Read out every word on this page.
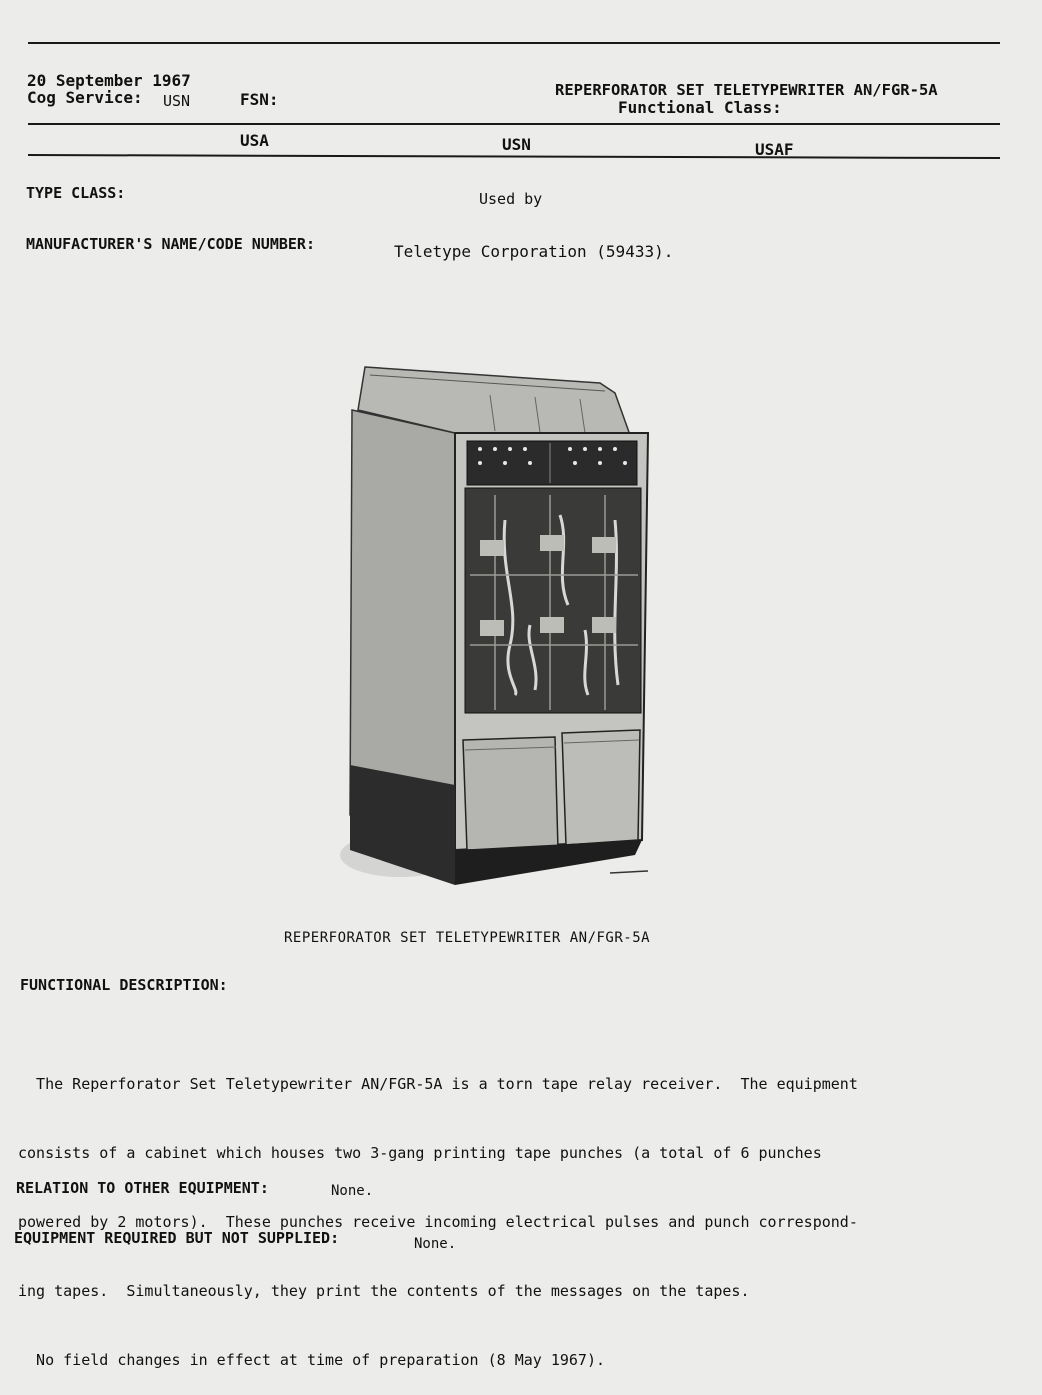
20 September 1967
Cog Service: USN	FSN:	REPERFORATOR SET TELETYPEWRITER AN/FGR-5A
Functional Class:
USA	USN	USAF
TYPE CLASS:	Used by
MANUFACTURER'S NAME/CODE NUMBER:	Teletype Corporation (59433).
REPERFORATOR SET TELETYPEWRITER AN/FGR-5A
FUNCTIONAL DESCRIPTION:

The Reperforator Set Teletypewriter AN/FGR-5A is a torn tape relay receiver.  The equipment

consists of a cabinet which houses two 3-gang printing tape punches (a total of 6 punches

powered by 2 motors).  These punches receive incoming electrical pulses and punch correspond-

ing tapes.  Simultaneously, they print the contents of the messages on the tapes.

No field changes in effect at time of preparation (8 May 1967).

RELATION TO OTHER EQUIPMENT:	None.
EQUIPMENT REQUIRED BUT NOT SUPPLIED:	None.
